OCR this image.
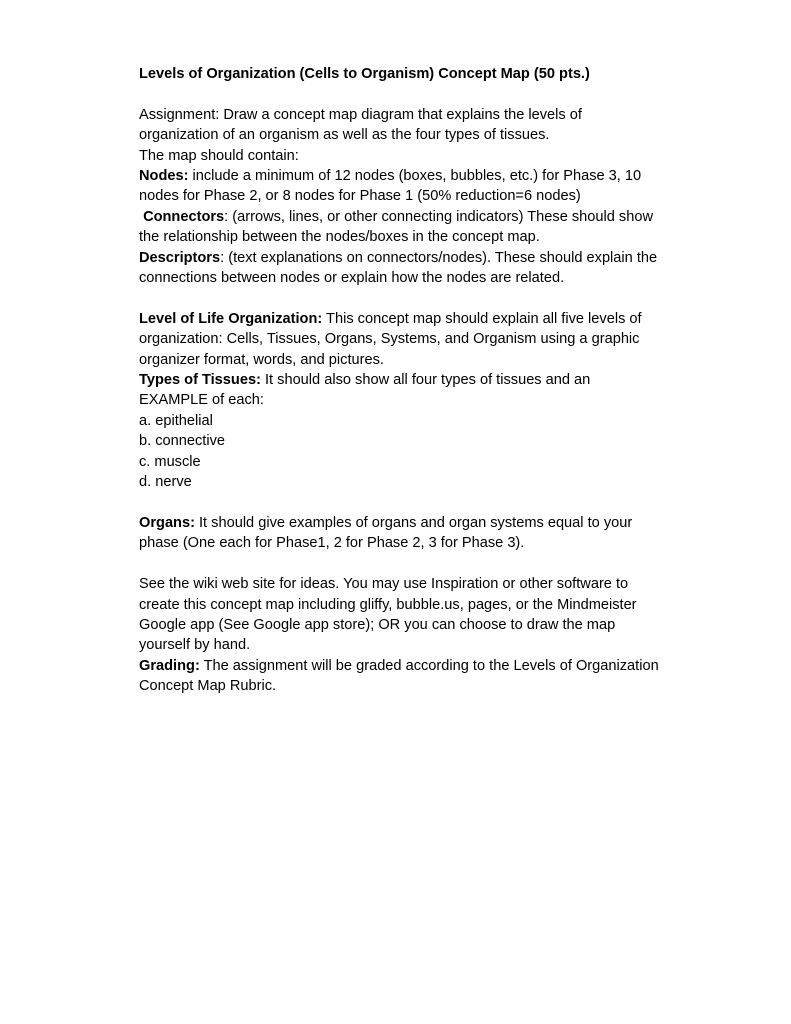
Levels of Organization (Cells to Organism) Concept Map (50 pts.)

Assignment: Draw a concept map diagram that explains the levels of

organization of an organism as well as the four types of tissues.

The map should contain:

Nodes: include a minimum of 12 nodes (boxes, bubbles, etc.) for Phase 3, 10

nodes for Phase 2, or 8 nodes for Phase 1 (50% reduction=6 nodes)

Connectors: (arrows, lines, or other connecting indicators) These should show

the relationship between the nodes/boxes in the concept map.

Descriptors: (text explanations on connectors/nodes). These should explain the

connections between nodes or explain how the nodes are related.

Level of Life Organization: This concept map should explain all five levels of

organization: Cells, Tissues, Organs, Systems, and Organism using a graphic

organizer format, words, and pictures.

Types of Tissues: It should also show all four types of tissues and an

EXAMPLE of each:

a. epithelial

b. connective

c. muscle

d. nerve

Organs: It should give examples of organs and organ systems equal to your

phase (One each for Phase1, 2 for Phase 2, 3 for Phase 3).

See the wiki web site for ideas. You may use Inspiration or other software to

create this concept map including gliffy, bubble.us, pages, or the Mindmeister

Google app (See Google app store); OR you can choose to draw the map

yourself by hand.

Grading: The assignment will be graded according to the Levels of Organization

Concept Map Rubric.
